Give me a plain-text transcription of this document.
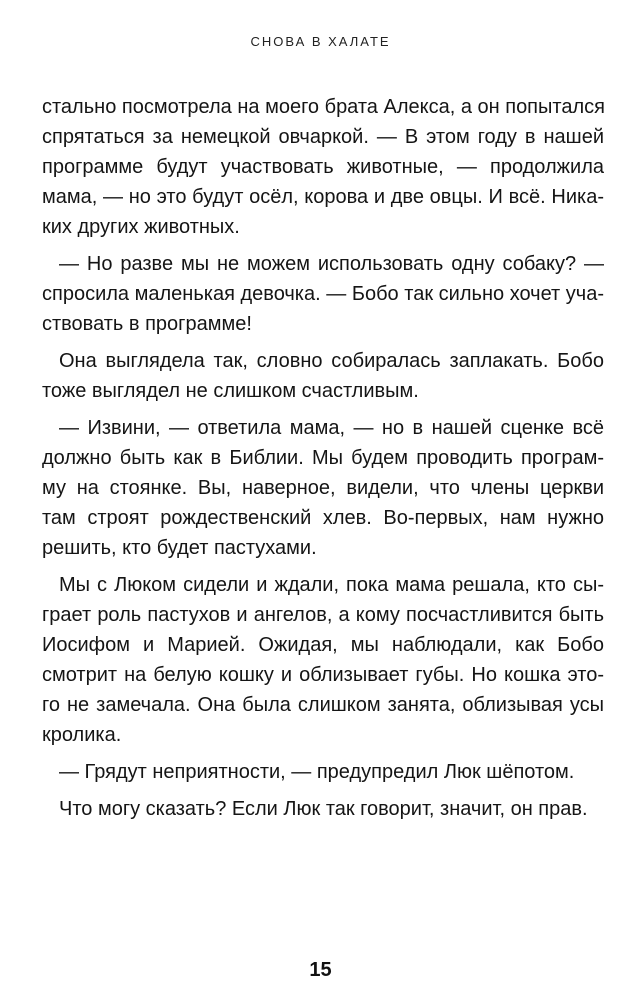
СНОВА В ХАЛАТЕ
стально посмотрела на моего брата Алекса, а он попытался
спрятаться за немецкой овчаркой. — В этом году в нашей
программе будут участвовать животные, — продолжила
мама, — но это будут осёл, корова и две овцы. И всё. Ника-
ких других животных.
— Но разве мы не можем использовать одну собаку? —
спросила маленькая девочка. — Бобо так сильно хочет уча-
ствовать в программе!
Она выглядела так, словно собиралась заплакать. Бобо
тоже выглядел не слишком счастливым.
— Извини, — ответила мама, — но в нашей сценке всё
должно быть как в Библии. Мы будем проводить програм-
му на стоянке. Вы, наверное, видели, что члены церкви
там строят рождественский хлев. Во-первых, нам нужно
решить, кто будет пастухами.
Мы с Люком сидели и ждали, пока мама решала, кто сы-
грает роль пастухов и ангелов, а кому посчастливится быть
Иосифом и Марией. Ожидая, мы наблюдали, как Бобо
смотрит на белую кошку и облизывает губы. Но кошка это-
го не замечала. Она была слишком занята, облизывая усы
кролика.
— Грядут неприятности, — предупредил Люк шёпотом.
Что могу сказать? Если Люк так говорит, значит, он прав.
15
